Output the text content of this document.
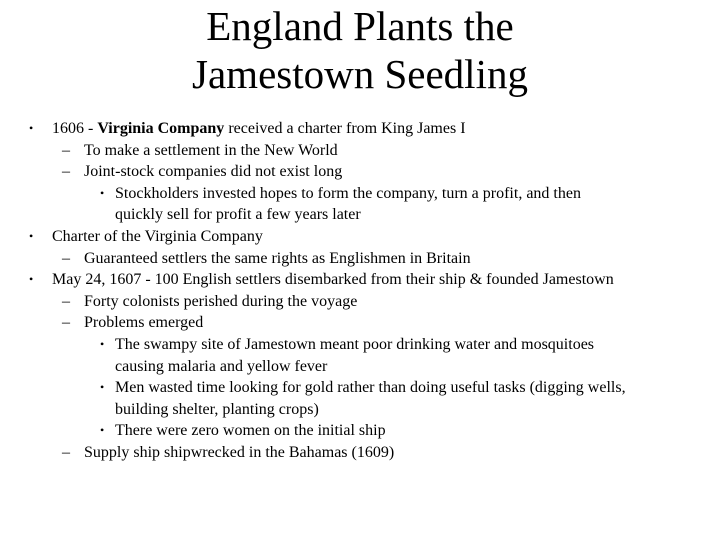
England Plants the
Jamestown Seedling
• 1606 - Virginia Company received a charter from King James I
– To make a settlement in the New World
– Joint-stock companies did not exist long
• Stockholders invested hopes to form the company, turn a profit, and then
quickly sell for profit a few years later
• Charter of the Virginia Company
– Guaranteed settlers the same rights as Englishmen in Britain
• May 24, 1607 - 100 English settlers disembarked from their ship & founded Jamestown
– Forty colonists perished during the voyage
– Problems emerged
• The swampy site of Jamestown meant poor drinking water and mosquitoes
causing malaria and yellow fever
• Men wasted time looking for gold rather than doing useful tasks (digging wells,
building shelter, planting crops)
• There were zero women on the initial ship
– Supply ship shipwrecked in the Bahamas (1609)
